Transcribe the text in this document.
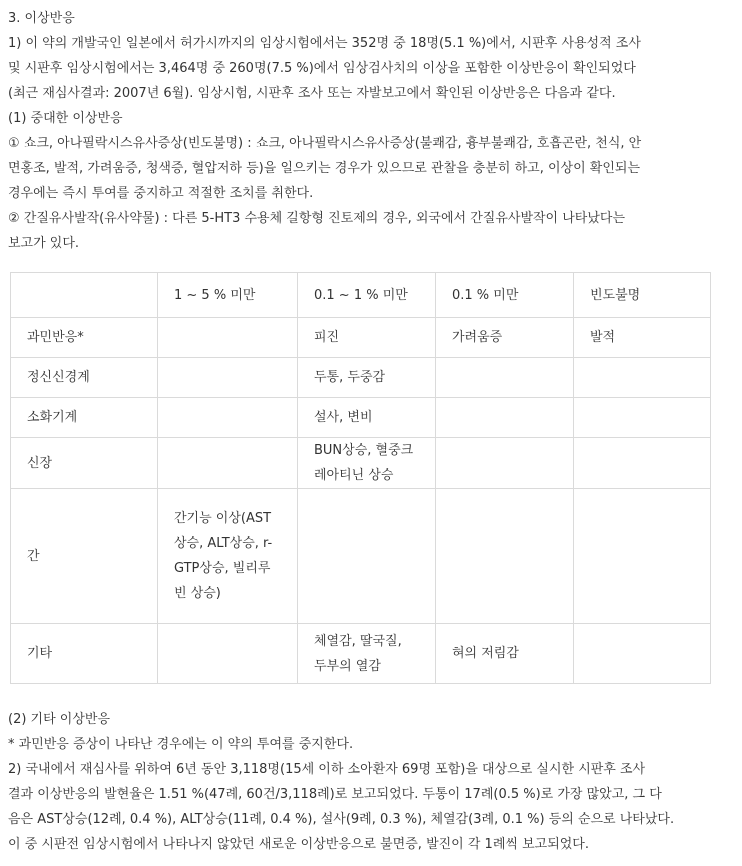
3. 이상반응
1) 이 약의 개발국인 일본에서 허가시까지의 임상시험에서는 352명 중 18명(5.1 %)에서, 시판후 사용성적 조사
및 시판후 임상시험에서는 3,464명 중 260명(7.5 %)에서 임상검사치의 이상을 포함한 이상반응이 확인되었다
(최근 재심사결과: 2007년 6월). 임상시험, 시판후 조사 또는 자발보고에서 확인된 이상반응은 다음과 같다.
(1) 중대한 이상반응
① 쇼크, 아나필락시스유사증상(빈도불명) : 쇼크, 아나필락시스유사증상(불쾌감, 흉부불쾌감, 호흡곤란, 천식, 안
면홍조, 발적, 가려움증, 청색증, 혈압저하 등)을 일으키는 경우가 있으므로 관찰을 충분히 하고, 이상이 확인되는
경우에는 즉시 투여를 중지하고 적절한 조치를 취한다.
② 간질유사발작(유사약물) : 다른 5-HT3 수용체 길항형 진토제의 경우, 외국에서 간질유사발작이 나타났다는
보고가 있다.

	1 ~ 5 % 미만	0.1 ~ 1 % 미만	0.1 % 미만	빈도불명

과민반응*		피진	가려움증	발적

정신신경계		두통, 두중감		

소화기계		설사, 변비		

신장		BUN상승, 혈중크
레아티닌 상승		

간	간기능 이상(AST
상승, ALT상승, r-
GTP상승, 빌리루
빈 상승)			

기타		체열감, 딸국질,
두부의 열감	혀의 저림감	

(2) 기타 이상반응
* 과민반응 증상이 나타난 경우에는 이 약의 투여를 중지한다.
2) 국내에서 재심사를 위하여 6년 동안 3,118명(15세 이하 소아환자 69명 포함)을 대상으로 실시한 시판후 조사
결과 이상반응의 발현율은 1.51 %(47례, 60건/3,118례)로 보고되었다. 두통이 17례(0.5 %)로 가장 많았고, 그 다
음은 AST상승(12례, 0.4 %), ALT상승(11례, 0.4 %), 설사(9례, 0.3 %), 체열감(3례, 0.1 %) 등의 순으로 나타났다.
이 중 시판전 임상시험에서 나타나지 않았던 새로운 이상반응으로 불면증, 발진이 각 1례씩 보고되었다.
